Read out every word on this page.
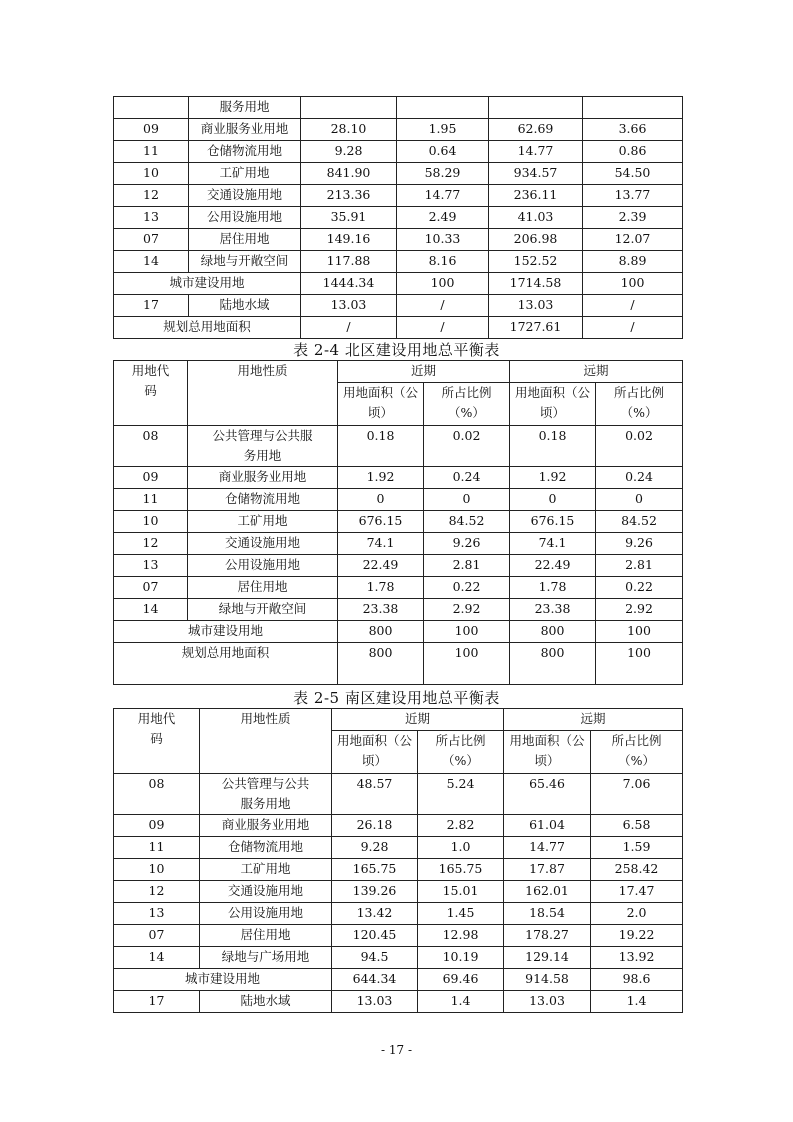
	服务用地				
09	商业服务业用地	28.10	1.95	62.69	3.66
11	仓储物流用地	9.28	0.64	14.77	0.86
10	工矿用地	841.90	58.29	934.57	54.50
12	交通设施用地	213.36	14.77	236.11	13.77
13	公用设施用地	35.91	2.49	41.03	2.39
07	居住用地	149.16	10.33	206.98	12.07
14	绿地与开敞空间	117.88	8.16	152.52	8.89
城市建设用地		1444.34	100	1714.58	100
17	陆地水域	13.03	/	13.03	/
规划总用地面积		/	/	1727.61	/
表 2-4 北区建设用地总平衡表
用地代码	用地性质	近期		远期	

		用地面积（公顷）	所占比例（%）	用地面积（公顷）	所占比例（%）

08	公共管理与公共服务用地	0.18	0.02	0.18	0.02
09	商业服务业用地	1.92	0.24	1.92	0.24
11	仓储物流用地	0	0	0	0
10	工矿用地	676.15	84.52	676.15	84.52
12	交通设施用地	74.1	9.26	74.1	9.26
13	公用设施用地	22.49	2.81	22.49	2.81
07	居住用地	1.78	0.22	1.78	0.22
14	绿地与开敞空间	23.38	2.92	23.38	2.92
城市建设用地		800	100	800	100
规划总用地面积		800	100	800	100
表 2-5 南区建设用地总平衡表
用地代码	用地性质	近期		远期	

		用地面积（公顷）	所占比例（%）	用地面积（公顷）	所占比例（%）

08	公共管理与公共服务用地	48.57	5.24	65.46	7.06
09	商业服务业用地	26.18	2.82	61.04	6.58
11	仓储物流用地	9.28	1.0	14.77	1.59
10	工矿用地	165.75	165.75	17.87	258.42
12	交通设施用地	139.26	15.01	162.01	17.47
13	公用设施用地	13.42	1.45	18.54	2.0
07	居住用地	120.45	12.98	178.27	19.22
14	绿地与广场用地	94.5	10.19	129.14	13.92
城市建设用地		644.34	69.46	914.58	98.6
17	陆地水域	13.03	1.4	13.03	1.4
- 17 -
